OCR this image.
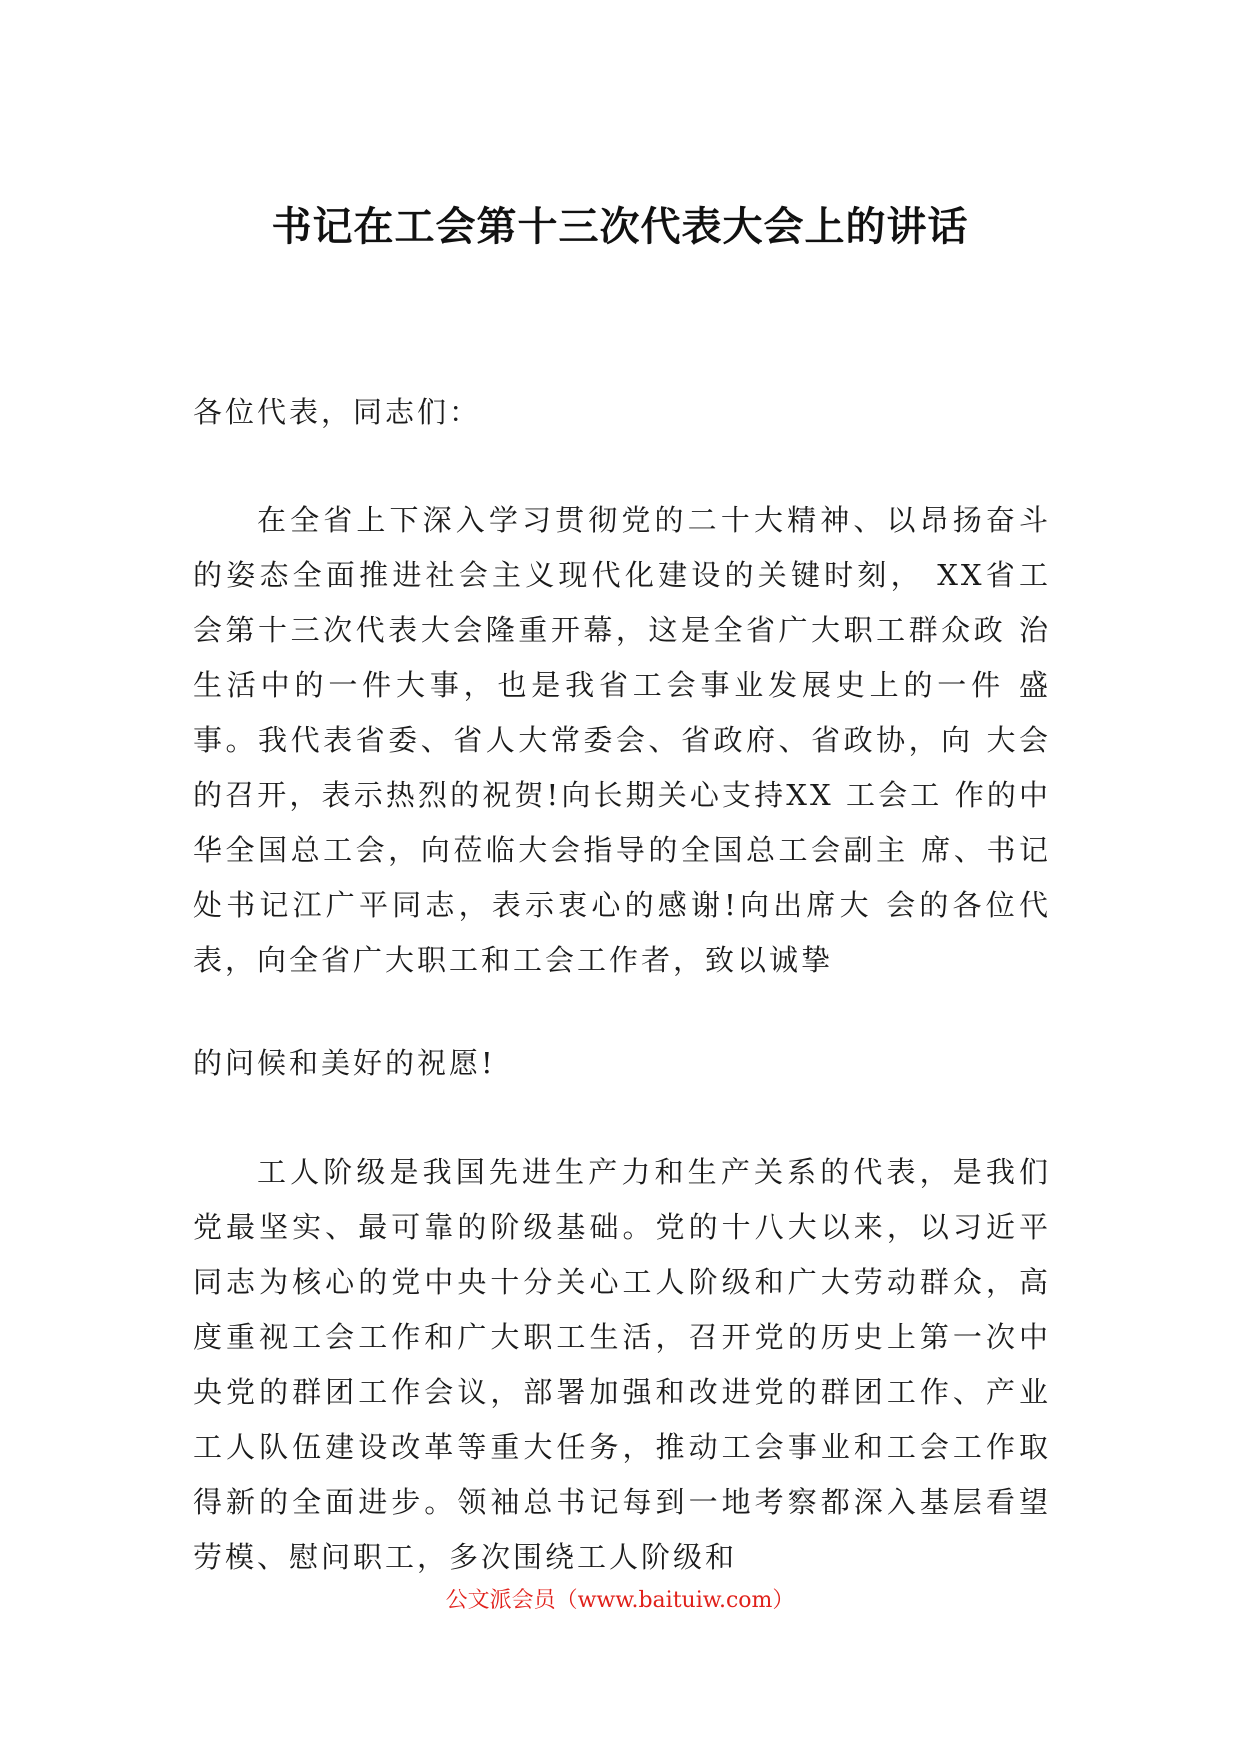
书记在工会第十三次代表大会上的讲话

各位代表，同志们：

在全省上下深入学习贯彻党的二十大精神、以昂扬奋斗的姿态全面推进社会主义现代化建设的关键时刻， XX省工 会第十三次代表大会隆重开幕，这是全省广大职工群众政 治生活中的一件大事，也是我省工会事业发展史上的一件 盛事。我代表省委、省人大常委会、省政府、省政协，向 大会的召开，表示热烈的祝贺!向长期关心支持XX 工会工 作的中华全国总工会，向莅临大会指导的全国总工会副主 席、书记处书记江广平同志，表示衷心的感谢!向出席大 会的各位代表，向全省广大职工和工会工作者，致以诚挚

的问候和美好的祝愿!

工人阶级是我国先进生产力和生产关系的代表，是我们党最坚实、最可靠的阶级基础。党的十八大以来，以习近平同志为核心的党中央十分关心工人阶级和广大劳动群众，高度重视工会工作和广大职工生活，召开党的历史上第一次中央党的群团工作会议，部署加强和改进党的群团工作、产业工人队伍建设改革等重大任务，推动工会事业和工会工作取得新的全面进步。领袖总书记每到一地考察都深入基层看望劳模、慰问职工，多次围绕工人阶级和

公文派会员（www.baituiw.com）
